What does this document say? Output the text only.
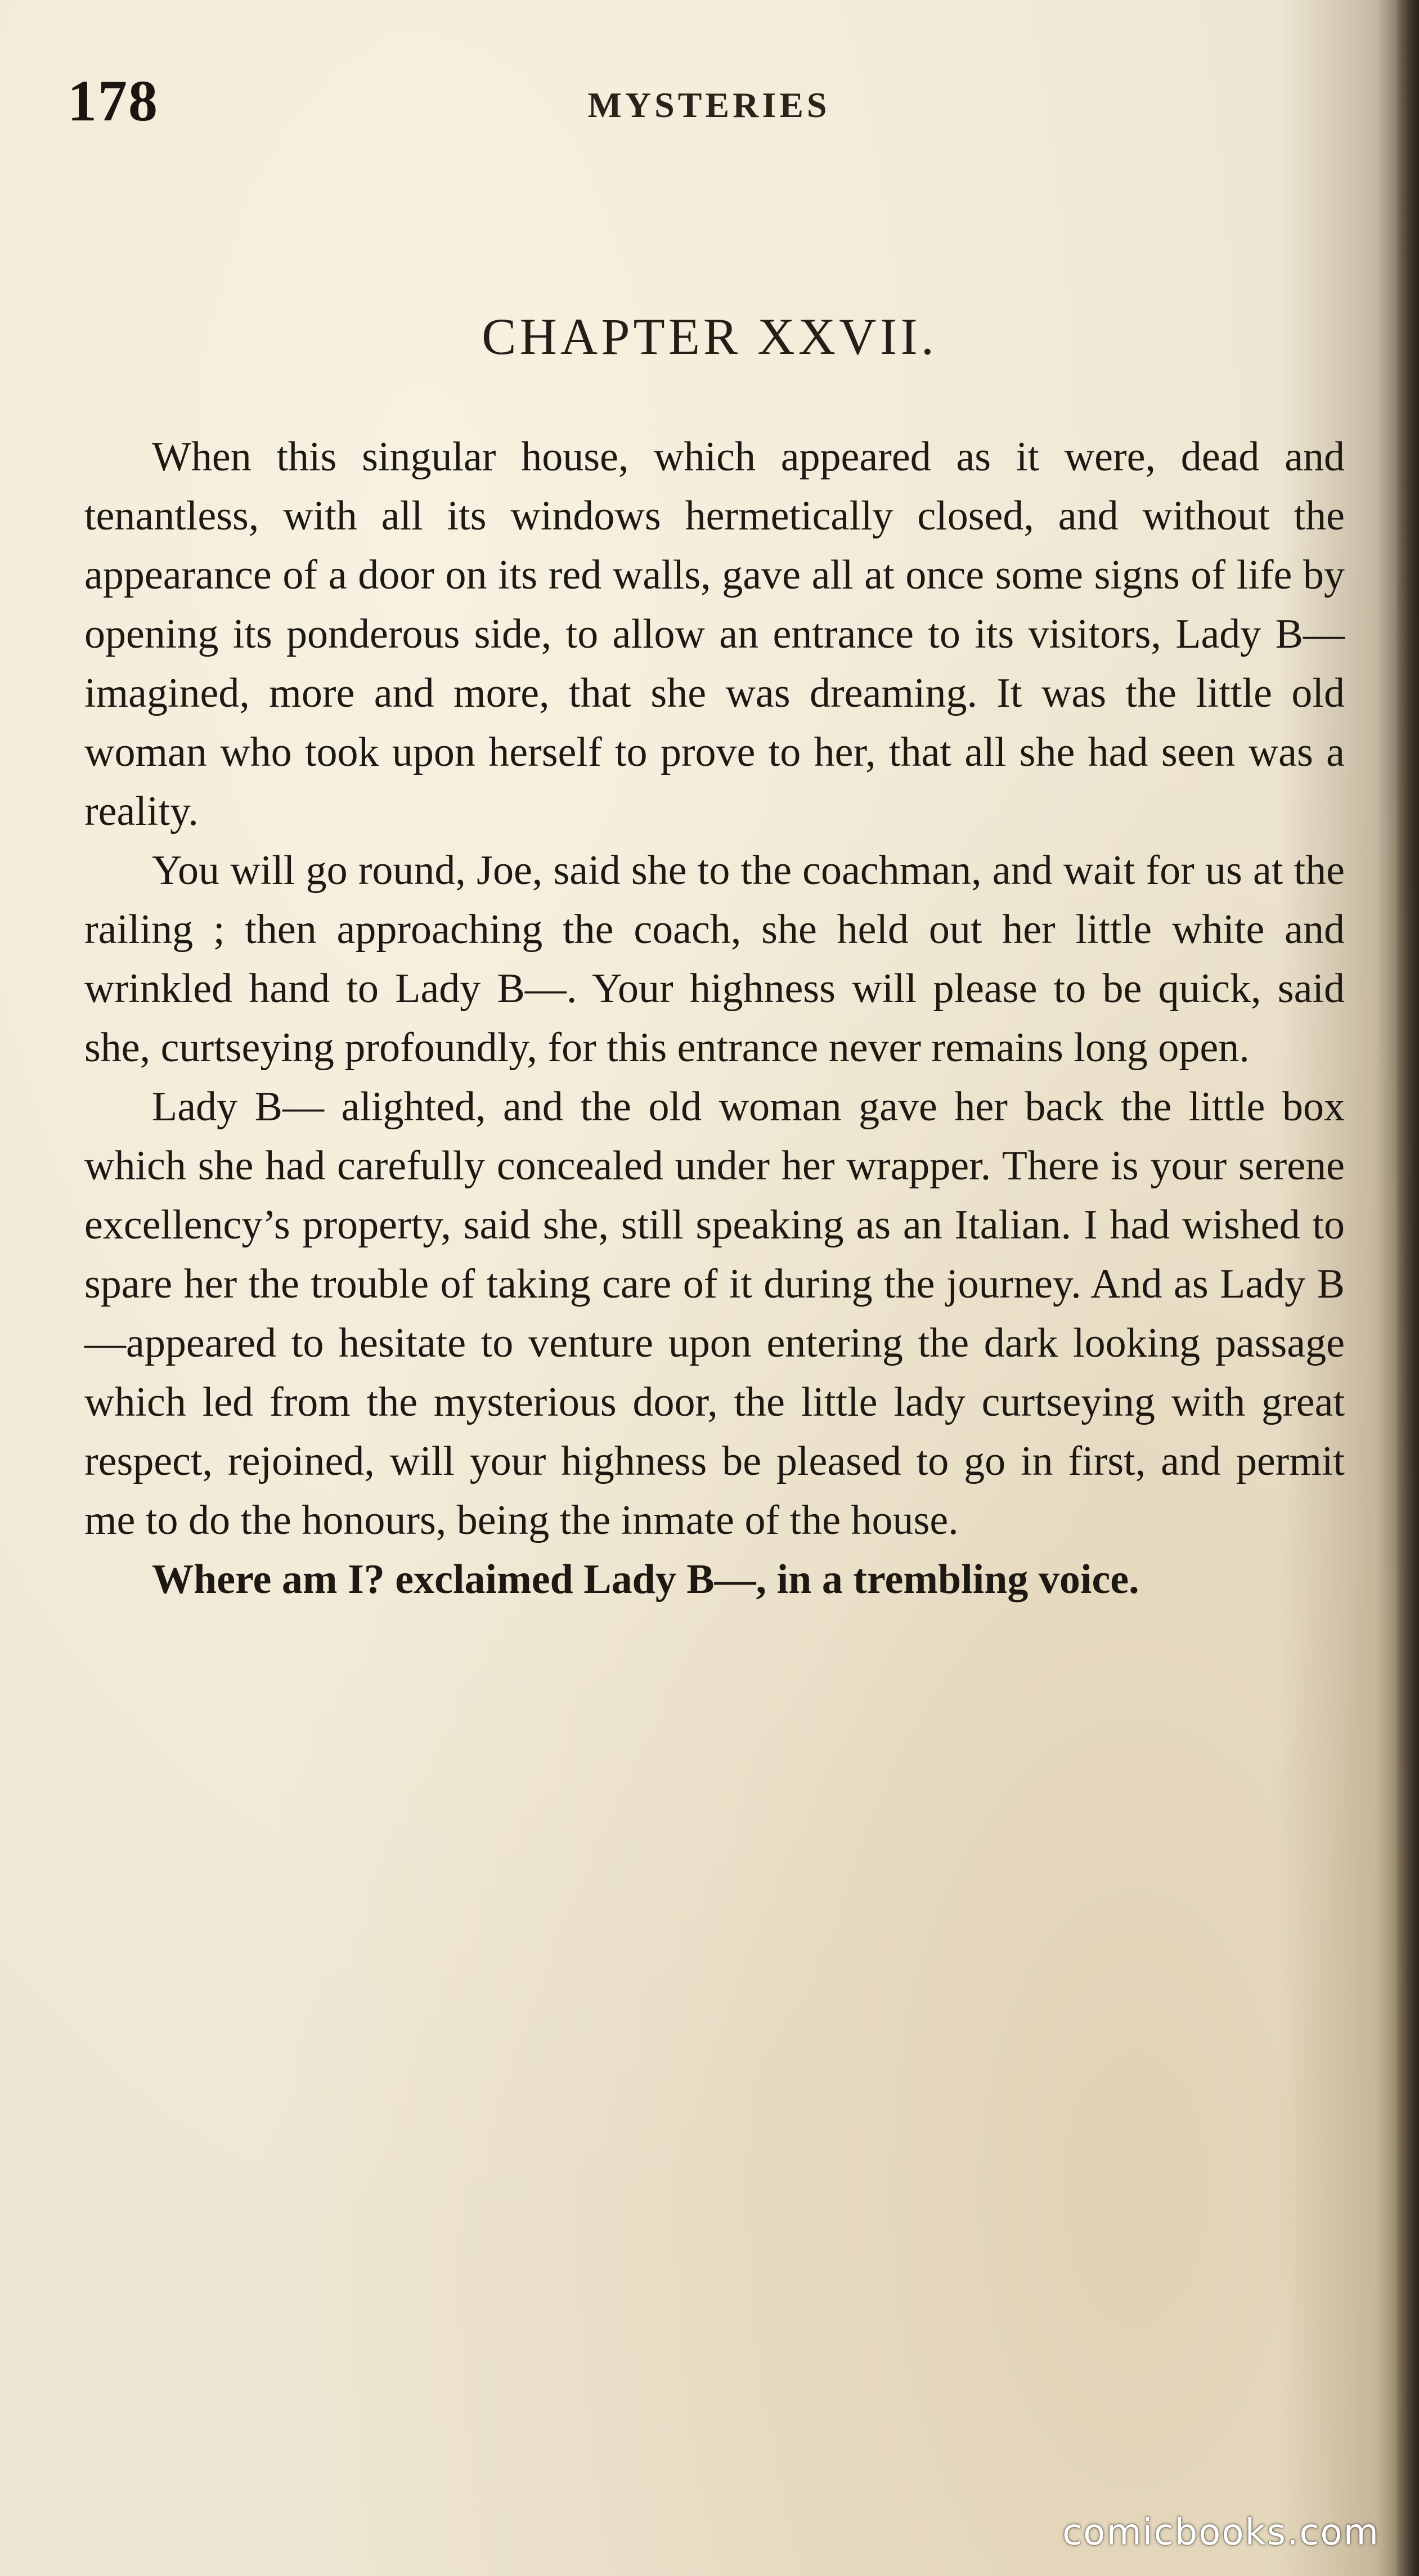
178	MYSTERIES
CHAPTER XXVII.

When this singular house, which appeared as it were, dead and tenantless, with all its windows hermetically closed, and without the appearance of a door on its red walls, gave all at once some signs of life by opening its ponderous side, to allow an entrance to its visitors, Lady B— imagined, more and more, that she was dreaming. It was the little old woman who took upon herself to prove to her, that all she had seen was a reality.

You will go round, Joe, said she to the coachman, and wait for us at the railing ; then approaching the coach, she held out her little white and wrinkled hand to Lady B—. Your highness will please to be quick, said she, curtseying profoundly, for this entrance never remains long open.

Lady B— alighted, and the old woman gave her back the little box which she had carefully concealed under her wrapper. There is your serene excellency’s property, said she, still speaking as an Italian. I had wished to spare her the trouble of taking care of it during the journey. And as Lady B—appeared to hesitate to venture upon entering the dark looking passage which led from the mysterious door, the little lady curtseying with great respect, rejoined, will your highness be pleased to go in first, and permit me to do the honours, being the inmate of the house.

Where am I? exclaimed Lady B—, in a trembling voice.

comicbooks.com
